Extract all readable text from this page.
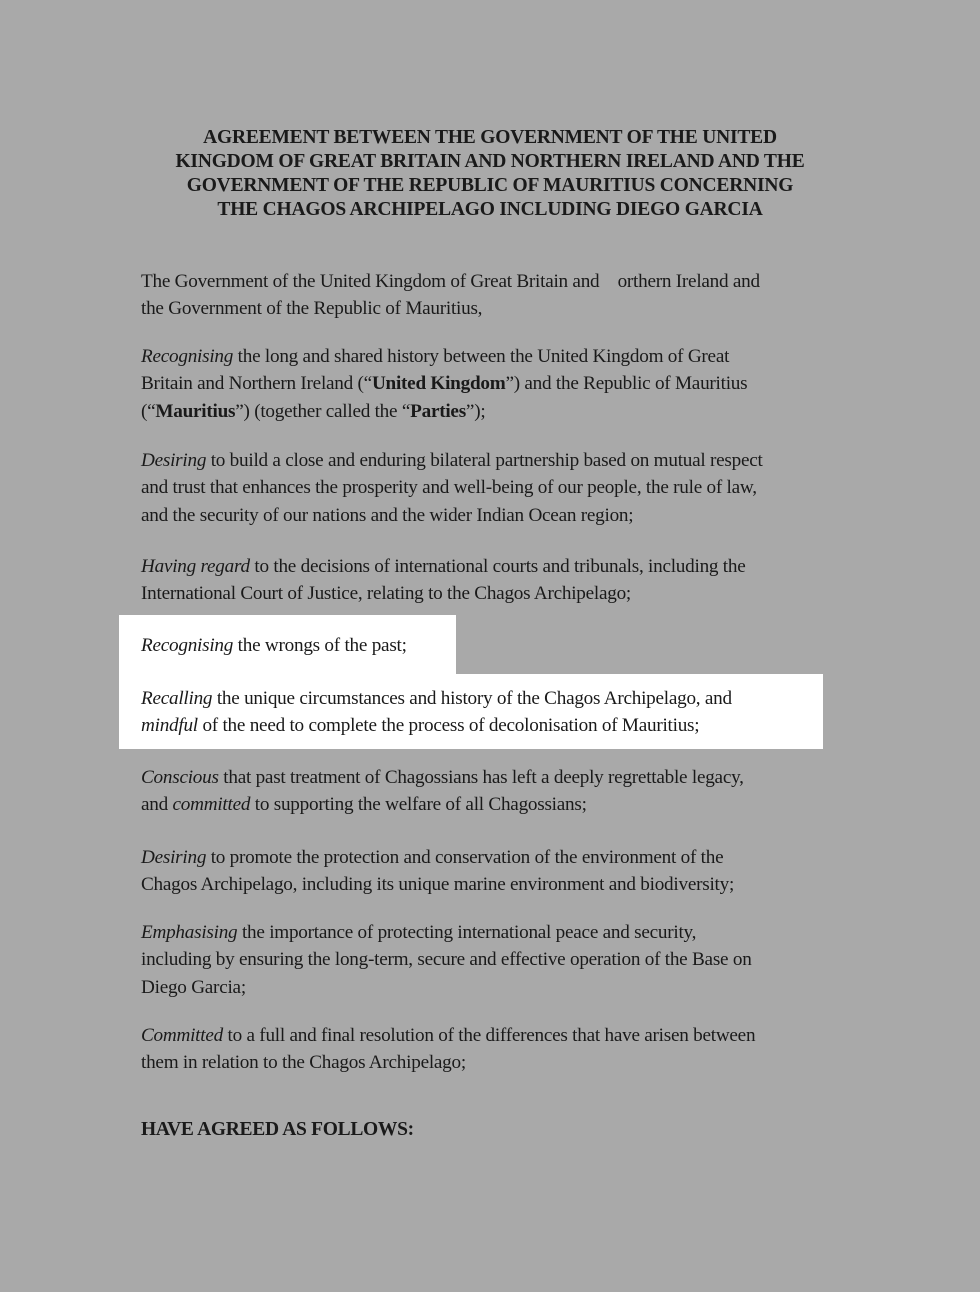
AGREEMENT BETWEEN THE GOVERNMENT OF THE UNITED
KINGDOM OF GREAT BRITAIN AND NORTHERN IRELAND AND THE
GOVERNMENT OF THE REPUBLIC OF MAURITIUS CONCERNING
THE CHAGOS ARCHIPELAGO INCLUDING DIEGO GARCIA
The Government of the United Kingdom of Great Britain and    orthern Ireland and
the Government of the Republic of Mauritius,
Recognising the long and shared history between the United Kingdom of Great
Britain and Northern Ireland (“United Kingdom”) and the Republic of Mauritius
(“Mauritius”) (together called the “Parties”);
Desiring to build a close and enduring bilateral partnership based on mutual respect
and trust that enhances the prosperity and well-being of our people, the rule of law,
and the security of our nations and the wider Indian Ocean region;
Having regard to the decisions of international courts and tribunals, including the
International Court of Justice, relating to the Chagos Archipelago;
Recognising the wrongs of the past;
Recalling the unique circumstances and history of the Chagos Archipelago, and
mindful of the need to complete the process of decolonisation of Mauritius;
Conscious that past treatment of Chagossians has left a deeply regrettable legacy,
and committed to supporting the welfare of all Chagossians;
Desiring to promote the protection and conservation of the environment of the
Chagos Archipelago, including its unique marine environment and biodiversity;
Emphasising the importance of protecting international peace and security,
including by ensuring the long-term, secure and effective operation of the Base on
Diego Garcia;
Committed to a full and final resolution of the differences that have arisen between
them in relation to the Chagos Archipelago;
HAVE AGREED AS FOLLOWS:
